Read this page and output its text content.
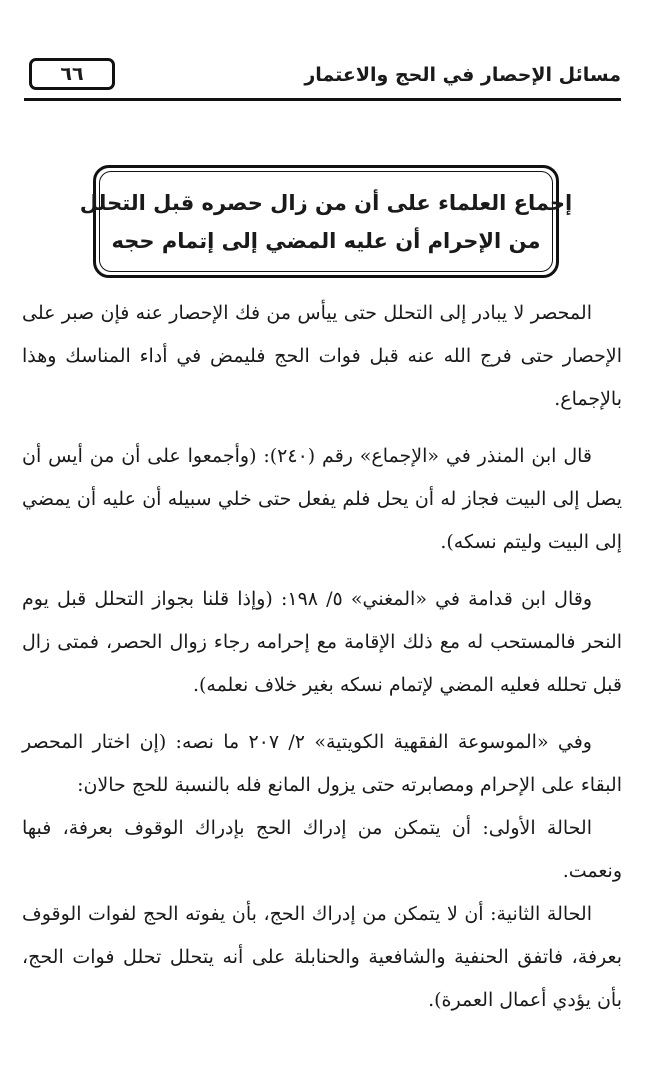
مسائل الإحصار في الحج والاعتمار
٦٦
إجماع العلماء على أن من زال حصره قبل التحلل
من الإحرام أن عليه المضي إلى إتمام حجه

المحصر لا يبادر إلى التحلل حتى ييأس من فك الإحصار عنه فإن صبر على الإحصار حتى فرج الله عنه قبل فوات الحج فليمض في أداء المناسك وهذا بالإجماع.

قال ابن المنذر في «الإجماع» رقم (٢٤٠): (وأجمعوا على أن من أيس أن يصل إلى البيت فجاز له أن يحل فلم يفعل حتى خلي سبيله أن عليه أن يمضي إلى البيت وليتم نسكه).

وقال ابن قدامة في «المغني» ٥/ ١٩٨: (وإذا قلنا بجواز التحلل قبل يوم النحر فالمستحب له مع ذلك الإقامة مع إحرامه رجاء زوال الحصر، فمتى زال قبل تحلله فعليه المضي لإتمام نسكه بغير خلاف نعلمه).

وفي «الموسوعة الفقهية الكويتية» ٢/ ٢٠٧ ما نصه: (إن اختار المحصر البقاء على الإحرام ومصابرته حتى يزول المانع فله بالنسبة للحج حالان:

الحالة الأولى: أن يتمكن من إدراك الحج بإدراك الوقوف بعرفة، فبها ونعمت.

الحالة الثانية: أن لا يتمكن من إدراك الحج، بأن يفوته الحج لفوات الوقوف بعرفة، فاتفق الحنفية والشافعية والحنابلة على أنه يتحلل تحلل فوات الحج، بأن يؤدي أعمال العمرة).
